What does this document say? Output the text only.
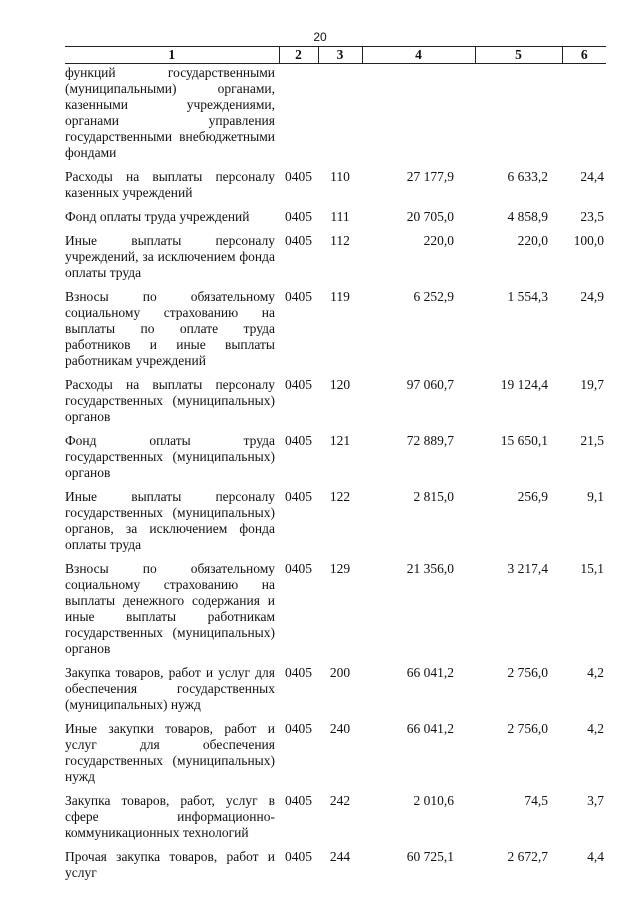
20
1	2	3	4	5	6
функций государственными (муниципальными) органами, казенными учреждениями, органами управления государственными внебюджетными фондами					
Расходы на выплаты персоналу казенных учреждений	0405	110	27 177,9	6 633,2	24,4
Фонд оплаты труда учреждений	0405	111	20 705,0	4 858,9	23,5
Иные выплаты персоналу учреждений, за исключением фонда оплаты труда	0405	112	220,0	220,0	100,0
Взносы по обязательному социальному страхованию на выплаты по оплате труда работников и иные выплаты работникам учреждений	0405	119	6 252,9	1 554,3	24,9
Расходы на выплаты персоналу государственных (муниципальных) органов	0405	120	97 060,7	19 124,4	19,7
Фонд оплаты труда государственных (муниципальных) органов	0405	121	72 889,7	15 650,1	21,5
Иные выплаты персоналу государственных (муниципальных) органов, за исключением фонда оплаты труда	0405	122	2 815,0	256,9	9,1
Взносы по обязательному социальному страхованию на выплаты денежного содержания и иные выплаты работникам государственных (муниципальных) органов	0405	129	21 356,0	3 217,4	15,1
Закупка товаров, работ и услуг для обеспечения государственных (муниципальных) нужд	0405	200	66 041,2	2 756,0	4,2
Иные закупки товаров, работ и услуг для обеспечения государственных (муниципальных) нужд	0405	240	66 041,2	2 756,0	4,2
Закупка товаров, работ, услуг в сфере информационно-коммуникационных технологий	0405	242	2 010,6	74,5	3,7
Прочая закупка товаров, работ и услуг	0405	244	60 725,1	2 672,7	4,4
